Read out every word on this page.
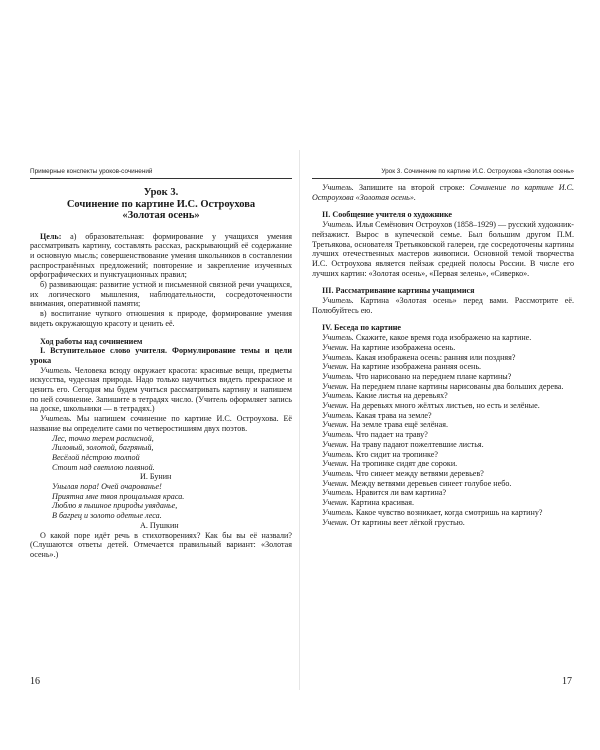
Примерные конспекты уроков-сочинений
Урок 3.
Сочинение по картине И.С. Остроухова
«Золотая осень»

Цель: а) образовательная: формирование у учащихся умения рассматривать картину, составлять рассказ, раскрывающий её содержание и основную мысль; совершенствование умения школьников в составлении распространённых предложений; повторение и закрепление изученных орфографических и пунктуационных правил;

б) развивающая: развитие устной и письменной связной речи учащихся, их логического мышления, наблюдательности, сосредоточенности внимания, оперативной памяти;

в) воспитание чуткого отношения к природе, формирование умения видеть окружающую красоту и ценить её.

Ход работы над сочинением

I. Вступительное слово учителя. Формулирование темы и цели урока

Учитель. Человека всюду окружает красота: красивые вещи, предметы искусства, чудесная природа. Надо только научиться видеть прекрасное и ценить его. Сегодня мы будем учиться рассматривать картину и напишем по ней сочинение. Запишите в тетрадях число. (Учитель оформляет запись на доске, школьники — в тетрадях.)

Учитель. Мы напишем сочинение по картине И.С. Остроухова. Её название вы определите сами по четверостишиям двух поэтов.

Лес, точно терем расписной,

Лиловый, золотой, багряный,

Весёлой пёстрою толпой

Стоит над светлою поляной.

И. Бунин

Унылая пора! Очей очарованье!

Приятна мне твоя прощальная краса.

Люблю я пышное природы увяданье,

В багрец и золото одетые леса.

А. Пушкин

О какой поре идёт речь в стихотворениях? Как бы вы её назвали? (Слушаются ответы детей. Отмечается правильный вариант: «Золотая осень».)

16
Урок 3. Сочинение по картине И.С. Остроухова «Золотая осень»

Учитель. Запишите на второй строке: Сочинение по картине И.С. Остроухова «Золотая осень».

II. Сообщение учителя о художнике

Учитель. Илья Семёнович Остроухов (1858–1929) — русский художник-пейзажист. Вырос в купеческой семье. Был большим другом П.М. Третьякова, основателя Третьяковской галереи, где сосредоточены картины лучших отечественных мастеров живописи. Основной темой творчества И.С. Остроухова является пейзаж средней полосы России. В числе его лучших картин: «Золотая осень», «Первая зелень», «Сиверко».

III. Рассматривание картины учащимися

Учитель. Картина «Золотая осень» перед вами. Рассмотрите её. Полюбуйтесь ею.

IV. Беседа по картине

Учитель. Скажите, какое время года изображено на картине.

Ученик. На картине изображена осень.

Учитель. Какая изображена осень: ранняя или поздняя?

Ученик. На картине изображена ранняя осень.

Учитель. Что нарисовано на переднем плане картины?

Ученик. На переднем плане картины нарисованы два больших дерева.

Учитель. Какие листья на деревьях?

Ученик. На деревьях много жёлтых листьев, но есть и зелёные.

Учитель. Какая трава на земле?

Ученик. На земле трава ещё зелёная.

Учитель. Что падает на траву?

Ученик. На траву падают пожелтевшие листья.

Учитель. Кто сидит на тропинке?

Ученик. На тропинке сидят две сороки.

Учитель. Что синеет между ветвями деревьев?

Ученик. Между ветвями деревьев синеет голубое небо.

Учитель. Нравится ли вам картина?

Ученик. Картина красивая.

Учитель. Какое чувство возникает, когда смотришь на картину?

Ученик. От картины веет лёгкой грустью.

17
